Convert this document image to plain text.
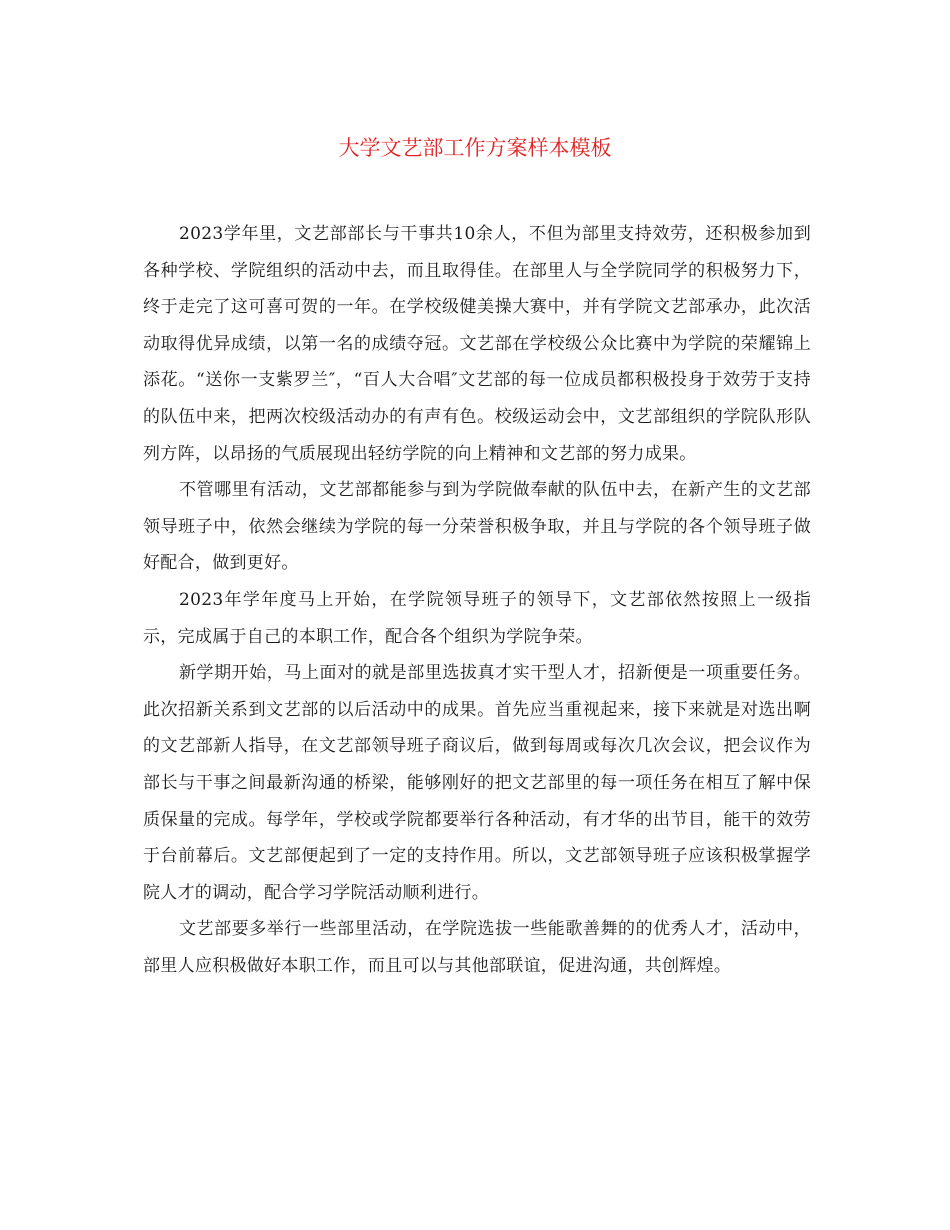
大学文艺部工作方案样本模板

2023学年里，文艺部部长与干事共10余人，不但为部里支持效劳，还积极参加到各种学校、学院组织的活动中去，而且取得佳。在部里人与全学院同学的积极努力下，终于走完了这可喜可贺的一年。在学校级健美操大赛中，并有学院文艺部承办，此次活动取得优异成绩，以第一名的成绩夺冠。文艺部在学校级公众比赛中为学院的荣耀锦上添花。“送你一支紫罗兰″，“百人大合唱″文艺部的每一位成员都积极投身于效劳于支持的队伍中来，把两次校级活动办的有声有色。校级运动会中，文艺部组织的学院队形队列方阵，以昂扬的气质展现出轻纺学院的向上精神和文艺部的努力成果。

不管哪里有活动，文艺部都能参与到为学院做奉献的队伍中去，在新产生的文艺部领导班子中，依然会继续为学院的每一分荣誉积极争取，并且与学院的各个领导班子做好配合，做到更好。

2023年学年度马上开始，在学院领导班子的领导下，文艺部依然按照上一级指示，完成属于自己的本职工作，配合各个组织为学院争荣。

新学期开始，马上面对的就是部里选拔真才实干型人才，招新便是一项重要任务。此次招新关系到文艺部的以后活动中的成果。首先应当重视起来，接下来就是对选出啊的文艺部新人指导，在文艺部领导班子商议后，做到每周或每次几次会议，把会议作为部长与干事之间最新沟通的桥梁，能够刚好的把文艺部里的每一项任务在相互了解中保质保量的完成。每学年，学校或学院都要举行各种活动，有才华的出节目，能干的效劳于台前幕后。文艺部便起到了一定的支持作用。所以，文艺部领导班子应该积极掌握学院人才的调动，配合学习学院活动顺利进行。

文艺部要多举行一些部里活动，在学院选拔一些能歌善舞的的优秀人才，活动中，部里人应积极做好本职工作，而且可以与其他部联谊，促进沟通，共创辉煌。
